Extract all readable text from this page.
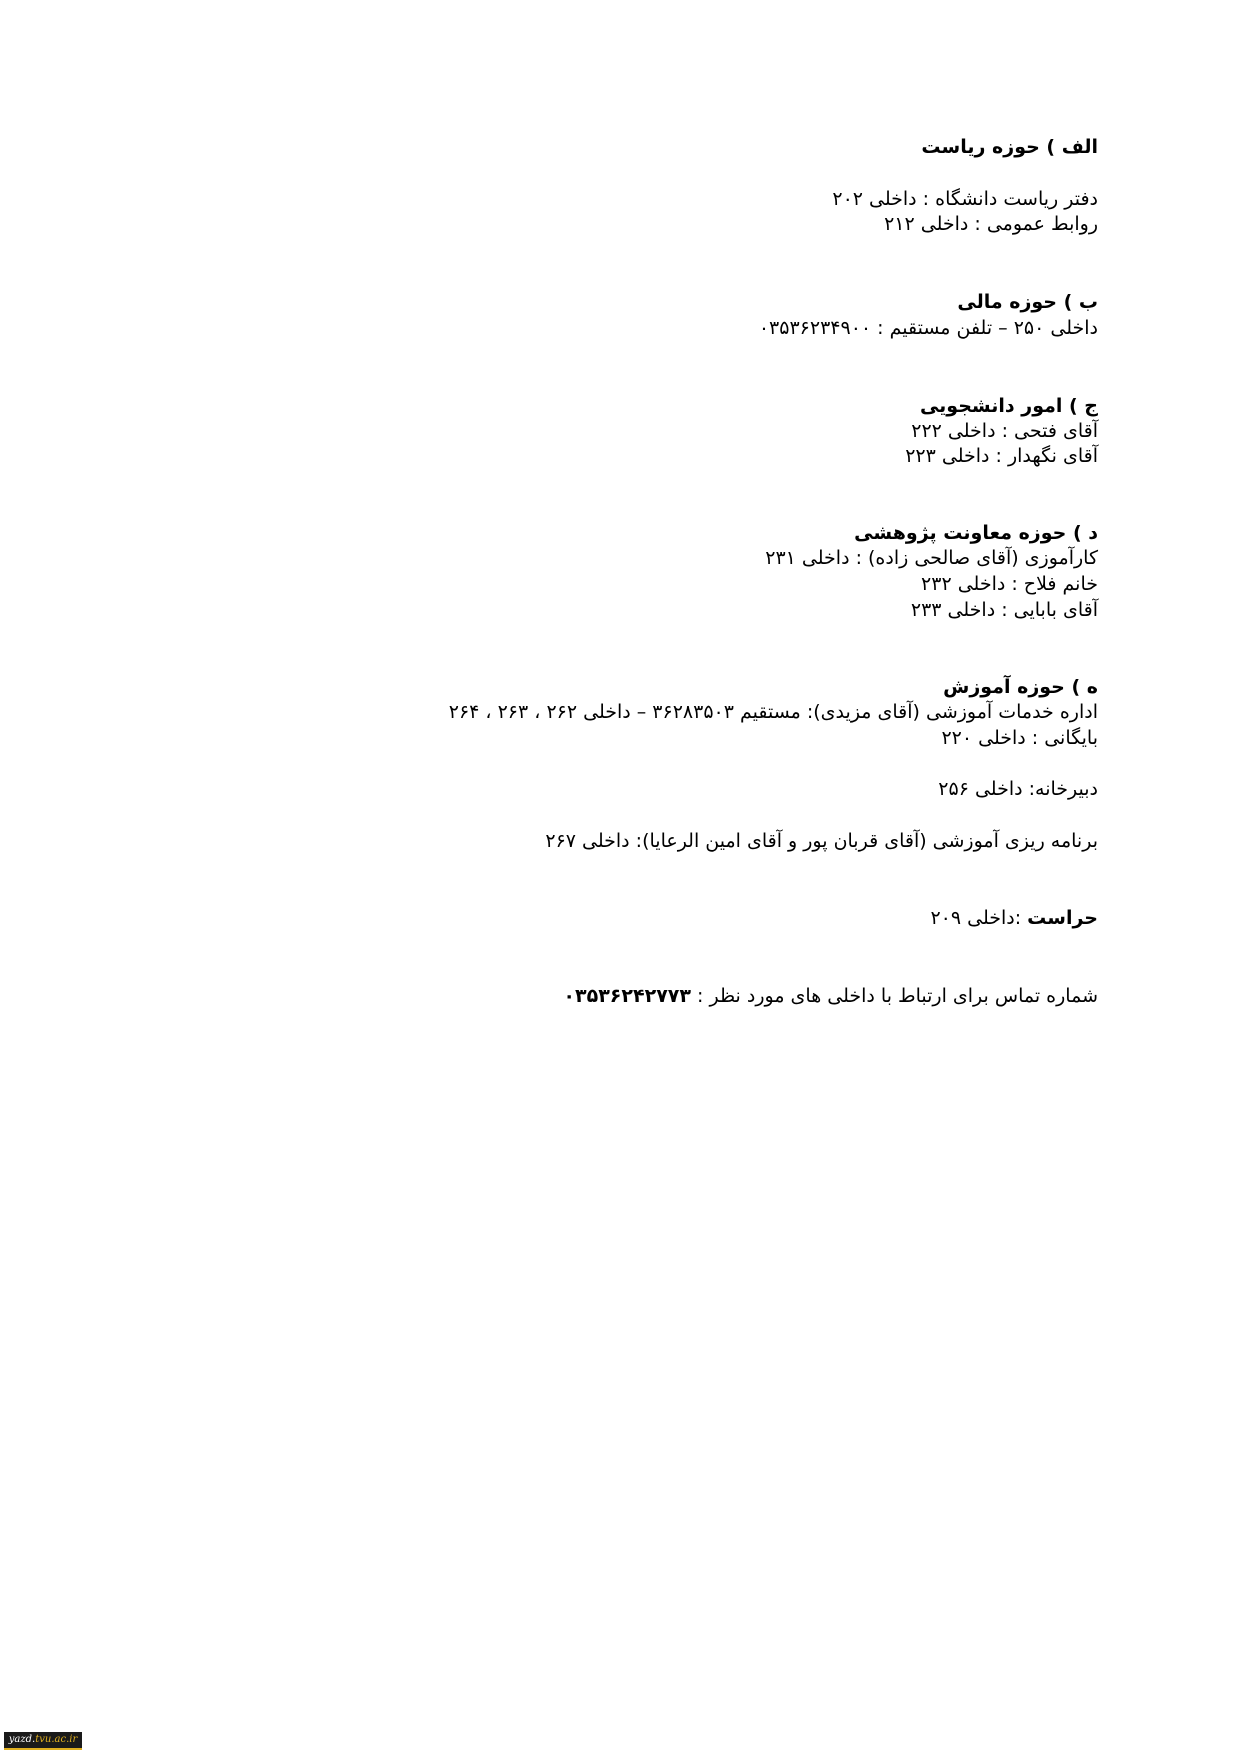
الف ) حوزه ریاست
دفتر ریاست دانشگاه : داخلی ۲۰۲
روابط عمومی : داخلی ۲۱۲
ب ) حوزه مالی
داخلی ۲۵۰ – تلفن مستقیم : ۰۳۵۳۶۲۳۴۹۰۰
ج ) امور دانشجویی
آقای فتحی : داخلی ۲۲۲
آقای نگهدار : داخلی ۲۲۳
د ) حوزه معاونت پژوهشی
کارآموزی (آقای صالحی زاده) : داخلی ۲۳۱
خانم فلاح : داخلی ۲۳۲
آقای بابایی : داخلی ۲۳۳
ه ) حوزه آموزش
اداره خدمات آموزشی (آقای مزیدی): مستقیم ۳۶۲۸۳۵۰۳ – داخلی ۲۶۲ ، ۲۶۳ ، ۲۶۴
بایگانی : داخلی ۲۲۰
دبیرخانه: داخلی ۲۵۶
برنامه ریزی آموزشی (آقای قربان پور و آقای امین الرعایا): داخلی ۲۶۷
حراست :داخلی ۲۰۹
شماره تماس برای ارتباط با داخلی های مورد نظر : ۰۳۵۳۶۲۴۲۷۷۳
yazd.tvu.ac.ir
